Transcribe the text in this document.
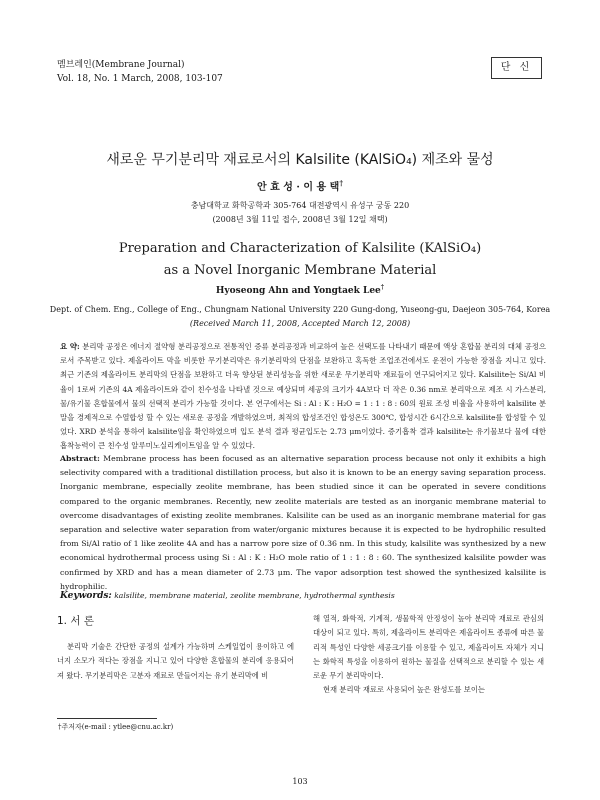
멤브레인(Membrane Journal)
Vol. 18, No. 1 March, 2008, 103-107
단 신
새로운 무기분리막 재료로서의 Kalsilite (KAlSiO₄) 제조와 물성
안 효 성 · 이 용 택†
충남대학교 화학공학과 305-764 대전광역시 유성구 궁동 220
(2008년 3월 11일 접수, 2008년 3월 12일 채택)
Preparation and Characterization of Kalsilite (KAlSiO₄)
as a Novel Inorganic Membrane Material
Hyoseong Ahn and Yongtaek Lee†
Dept. of Chem. Eng., College of Eng., Chungnam National University 220 Gung-dong, Yuseong-gu, Daejeon 305-764, Korea
(Received March 11, 2008, Accepted March 12, 2008)
요 약: 분리막 공정은 에너지 절약형 분리공정으로 전통적인 증류 분리공정과 비교하여 높은 선택도를 나타내기 때문에 액상 혼합물 분리의 대체 공정으로서 주목받고 있다. 제올라이트 막을 비롯한 무기분리막은 유기분리막의 단점을 보완하고 혹독한 조업조건에서도 운전이 가능한 장점을 지니고 있다. 최근 기존의 제올라이트 분리막의 단점을 보완하고 더욱 향상된 분리성능을 위한 새로운 무기분리막 재료들이 연구되어지고 있다. Kalsilite는 Si/Al 비율이 1로써 기존의 4A 제올라이트와 같이 친수성을 나타낼 것으로 예상되며 세공의 크기가 4A보다 더 작은 0.36 nm로 분리막으로 제조 시 가스분리, 물/유기물 혼합물에서 물의 선택적 분리가 가능할 것이다. 본 연구에서는 Si : Al : K : H₂O = 1 : 1 : 8 : 60의 원료 조성 비율을 사용하여 kalsilite 분말을 경제적으로 수열합성 할 수 있는 새로운 공정을 개발하였으며, 최적의 합성조건인 합성온도 300℃, 합성시간 6시간으로 kalsilite를 합성할 수 있었다. XRD 분석을 통하여 kalsilite임을 확인하였으며 입도 분석 결과 평균입도는 2.73 μm이었다. 증기흡착 결과 kalsilite는 유기물보다 물에 대한 흡착능력이 큰 친수성 알루미노실리케이트임을 알 수 있었다.
Abstract: Membrane process has been focused as an alternative separation process because not only it exhibits a high selectivity compared with a traditional distillation process, but also it is known to be an energy saving separation process. Inorganic membrane, especially zeolite membrane, has been studied since it can be operated in severe conditions compared to the organic membranes. Recently, new zeolite materials are tested as an inorganic membrane material to overcome disadvantages of existing zeolite membranes. Kalsilite can be used as an inorganic membrane material for gas separation and selective water separation from water/organic mixtures because it is expected to be hydrophilic resulted from Si/Al ratio of 1 like zeolite 4A and has a narrow pore size of 0.36 nm. In this study, kalsilite was synthesized by a new economical hydrothermal process using Si : Al : K : H₂O mole ratio of 1 : 1 : 8 : 60. The synthesized kalsilite powder was confirmed by XRD and has a mean diameter of 2.73 μm. The vapor adsorption test showed the synthesized kalsilite is hydrophilic.
Keywords: kalsilite, membrane material, zeolite membrane, hydrothermal synthesis
1. 서 론
분리막 기술은 간단한 공정의 설계가 가능하며 스케일업이 용이하고 에너지 소모가 적다는 장점을 지니고 있어 다양한 혼합물의 분리에 응용되어져 왔다. 무기분리막은 고분자 재료로 만들어지는 유기 분리막에 비
해 열적, 화학적, 기계적, 생물학적 안정성이 높아 분리막 재료로 관심의 대상이 되고 있다. 특히, 제올라이트 분리막은 제올라이트 종류에 따른 물리적 특성인 다양한 세공크기를 이용할 수 있고, 제올라이트 자체가 지니는 화학적 특성을 이용하여 원하는 물질을 선택적으로 분리할 수 있는 새로운 무기 분리막이다.
현재 분리막 재료로 사용되어 높은 완성도를 보이는
†주저자(e-mail : ytlee@cnu.ac.kr)
103
